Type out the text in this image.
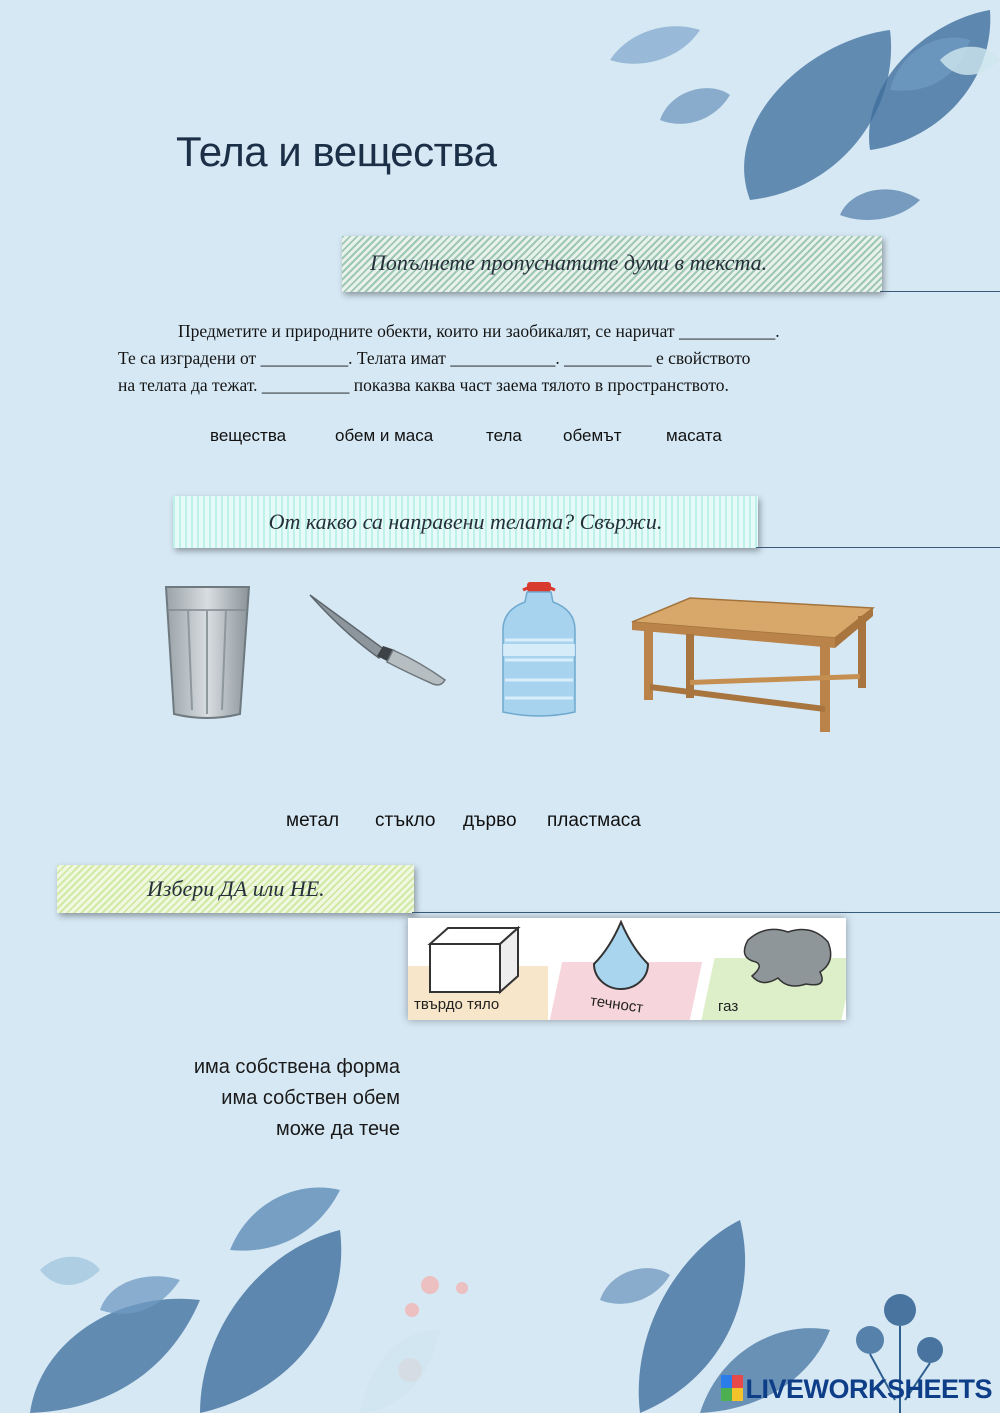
Тела и вещества
Попълнете пропуснатите думи в текста.
Предметите и природните обекти, които ни заобикалят, се наричат ___________.
Те са изградени от __________. Телата имат ____________. __________ е свойството
на телата да тежат. __________ показва каква част заема тялото в пространството.
вещества	обем и маса	тела обемът	масата
От какво са направени телата? Свържи.
метал стъкло дърво пластмаса
Избери ДА или НЕ.
твърдо тяло	течност	газ
има собствена форма
има собствен обем
може да тече
LIVEWORKSHEETS
